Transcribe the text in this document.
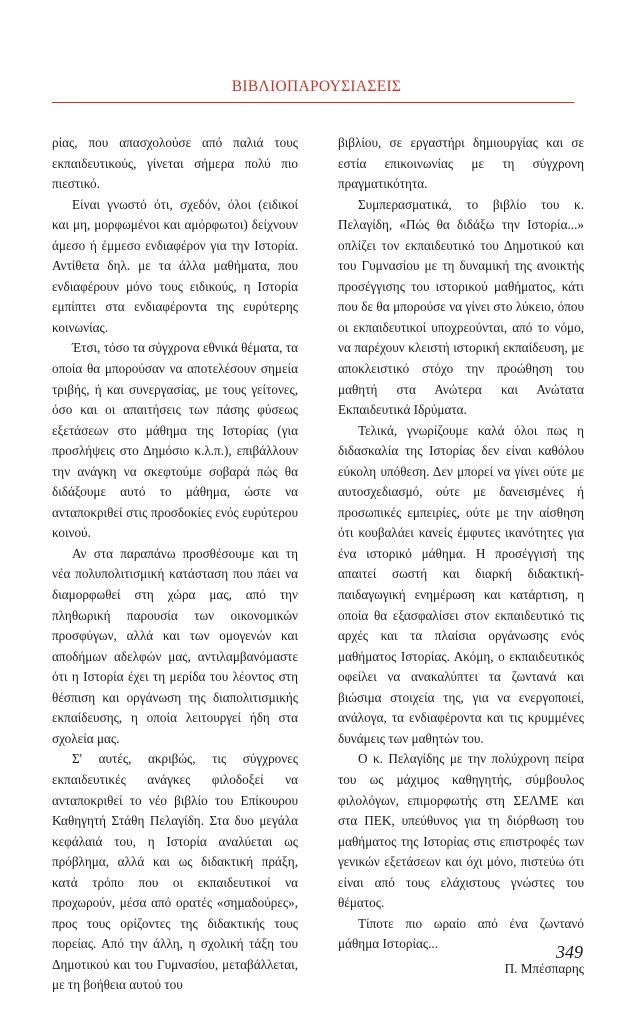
ΒΙΒΛΙΟΠΑΡΟΥΣΙΑΣΕΙΣ

ρίας, που απασχολούσε από παλιά τους εκπαιδευτικούς, γίνεται σήμερα πολύ πιο πιεστικό.

Είναι γνωστό ότι, σχεδόν, όλοι (ειδικοί και μη, μορφωμένοι και αμόρφωτοι) δείχνουν άμεσο ή έμμεσο ενδιαφέρον για την Ιστορία. Αντίθετα δηλ. με τα άλλα μαθήματα, που ενδιαφέρουν μόνο τους ειδικούς, η Ιστορία εμπίπτει στα ενδιαφέροντα της ευρύτερης κοινωνίας.

Έτσι, τόσο τα σύγχρονα εθνικά θέματα, τα οποία θα μπορούσαν να αποτελέσουν σημεία τριβής, ή και συνεργασίας, με τους γείτονες, όσο και οι απαιτήσεις των πάσης φύσεως εξετάσεων στο μάθημα της Ιστορίας (για προσλήψεις στο Δημόσιο κ.λ.π.), επιβάλλουν την ανάγκη να σκεφτούμε σοβαρά πώς θα διδάξουμε αυτό το μάθημα, ώστε να ανταποκριθεί στις προσδοκίες ενός ευρύτερου κοινού.

Αν στα παραπάνω προσθέσουμε και τη νέα πολυπολιτισμική κατάσταση που πάει να διαμορφωθεί στη χώρα μας, από την πληθωρική παρουσία των οικονομικών προσφύγων, αλλά και των ομογενών και αποδήμων αδελφών μας, αντιλαμβανόμαστε ότι η Ιστορία έχει τη μερίδα του λέοντος στη θέσπιση και οργάνωση της διαπολιτισμικής εκπαίδευσης, η οποία λειτουργεί ήδη στα σχολεία μας.

Σ' αυτές, ακριβώς, τις σύγχρονες εκπαιδευτικές ανάγκες φιλοδοξεί να ανταποκριθεί το νέο βιβλίο του Επίκουρου Καθηγητή Στάθη Πελαγίδη. Στα δυο μεγάλα κεφάλαιά του, η Ιστορία αναλύεται ως πρόβλημα, αλλά και ως διδακτική πράξη, κατά τρόπο που οι εκπαιδευτικοί να προχωρούν, μέσα από ορατές «σημαδούρες», προς τους ορίζοντες της διδακτικής τους πορείας. Από την άλλη, η σχολική τάξη του Δημοτικού και του Γυμνασίου, μεταβάλλεται, με τη βοήθεια αυτού του

βιβλίου, σε εργαστήρι δημιουργίας και σε εστία επικοινωνίας με τη σύγχρονη πραγματικότητα.

Συμπερασματικά, το βιβλίο του κ. Πελαγίδη, «Πώς θα διδάξω την Ιστορία...» οπλίζει τον εκπαιδευτικό του Δημοτικού και του Γυμνασίου με τη δυναμική της ανοικτής προσέγγισης του ιστορικού μαθήματος, κάτι που δε θα μπορούσε να γίνει στο λύκειο, όπου οι εκπαιδευτικοί υποχρεούνται, από το νόμο, να παρέχουν κλειστή ιστορική εκπαίδευση, με αποκλειστικό στόχο την προώθηση του μαθητή στα Ανώτερα και Ανώτατα Εκπαιδευτικά Ιδρύματα.

Τελικά, γνωρίζουμε καλά όλοι πως η διδασκαλία της Ιστορίας δεν είναι καθόλου εύκολη υπόθεση. Δεν μπορεί να γίνει ούτε με αυτοσχεδιασμό, ούτε με δανεισμένες ή προσωπικές εμπειρίες, ούτε με την αίσθηση ότι κουβαλάει κανείς έμφυτες ικανότητες για ένα ιστορικό μάθημα. Η προσέγγισή της απαιτεί σωστή και διαρκή διδακτική-παιδαγωγική ενημέρωση και κατάρτιση, η οποία θα εξασφαλίσει στον εκπαιδευτικό τις αρχές και τα πλαίσια οργάνωσης ενός μαθήματος Ιστορίας. Ακόμη, ο εκπαιδευτικός οφείλει να ανακαλύπτει τα ζωντανά και βιώσιμα στοιχεία της, για να ενεργοποιεί, ανάλογα, τα ενδιαφέροντα και τις κρυμμένες δυνάμεις των μαθητών του.

Ο κ. Πελαγίδης με την πολύχρονη πείρα του ως μάχιμος καθηγητής, σύμβουλος φιλολόγων, επιμορφωτής στη ΣΕΛΜΕ και στα ΠΕΚ, υπεύθυνος για τη διόρθωση του μαθήματος της Ιστορίας στις επιστροφές των γενικών εξετάσεων και όχι μόνο, πιστεύω ότι είναι από τους ελάχιστους γνώστες του θέματος.

Τίποτε πιο ωραίο από ένα ζωντανό μάθημα Ιστορίας...

Π. Μπέσπαρης

349
